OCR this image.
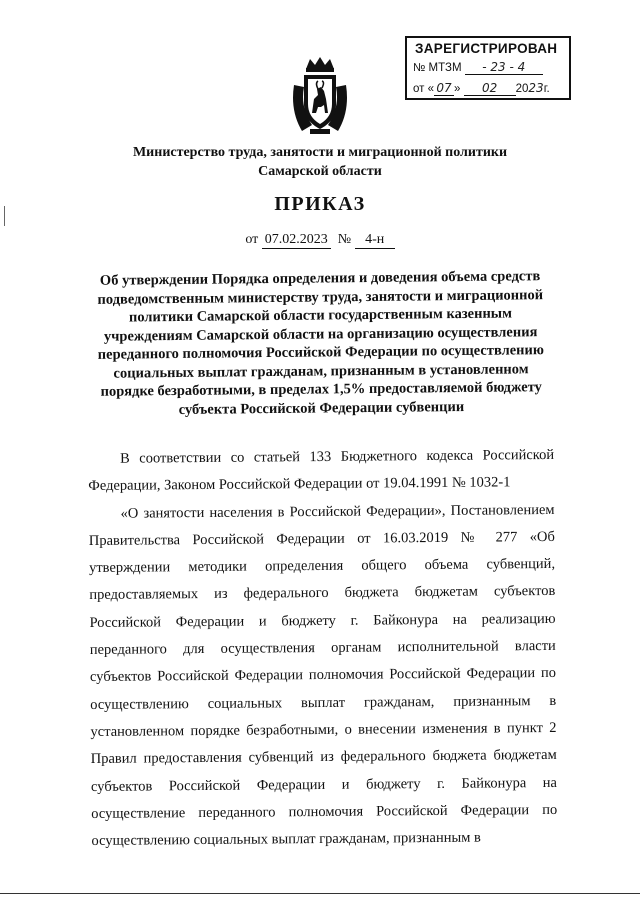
ЗАРЕГИСТРИРОВАН
№ МТЗМ - 23 - 4
от « 07 » 02 2023г.
Министерство труда, занятости и миграционной политики
Самарской области
ПРИКАЗ
от 07.02.2023 № 4-н
Об утверждении Порядка определения и доведения объема средств
подведомственным министерству труда, занятости и миграционной
политики Самарской области государственным казенным
учреждениям Самарской области на организацию осуществления
переданного полномочия Российской Федерации по осуществлению
социальных выплат гражданам, признанным в установленном
порядке безработными, в пределах 1,5% предоставляемой бюджету
субъекта Российской Федерации субвенции

В соответствии со статьей 133 Бюджетного кодекса Российской Федерации, Законом Российской Федерации от 19.04.1991 № 1032-1

«О занятости населения в Российской Федерации», Постановлением Правительства Российской Федерации от 16.03.2019 № 277 «Об утверждении методики определения общего объема субвенций, предоставляемых из федерального бюджета бюджетам субъектов Российской Федерации и бюджету г. Байконура на реализацию переданного для осуществления органам исполнительной власти субъектов Российской Федерации полномочия Российской Федерации по осуществлению социальных выплат гражданам, признанным в установленном порядке безработными, о внесении изменения в пункт 2 Правил предоставления субвенций из федерального бюджета бюджетам субъектов Российской Федерации и бюджету г. Байконура на осуществление переданного полномочия Российской Федерации по осуществлению социальных выплат гражданам, признанным в
